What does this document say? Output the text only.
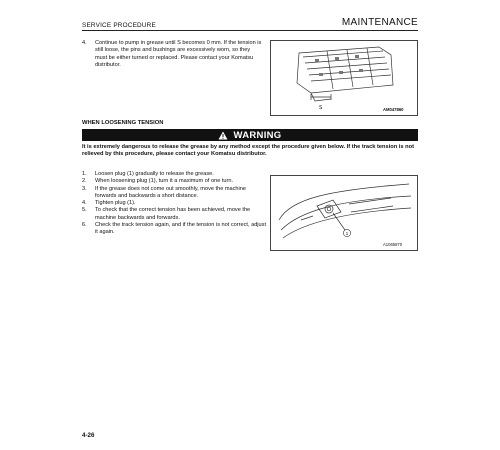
SERVICE PROCEDURE	MAINTENANCE
4.	Continue to pump in grease until S becomes 0 mm. If the tension is still loose, the pins and bushings are excessively worn, so they must be either turned or replaced. Please contact your Komatsu distributor.
S	AM047860
WHEN LOOSENING TENSION
WARNING
It is extremely dangerous to release the grease by any method except the procedure given below. If the track tension is not relieved by this procedure, please contact your Komatsu distributor.
1.	Loosen plug (1) gradually to release the grease.
2.	When loosening plug (1), turn it a maximum of one turn.
3.	If the grease does not come out smoothly, move the machine forwards and backwards a short distance.
4.	Tighten plug (1).
5.	To check that the correct tension has been achieved, move the machine backwards and forwards.
6.	Check the track tension again, and if the tension is not correct, adjust it again.	1
A1065870
4-26
